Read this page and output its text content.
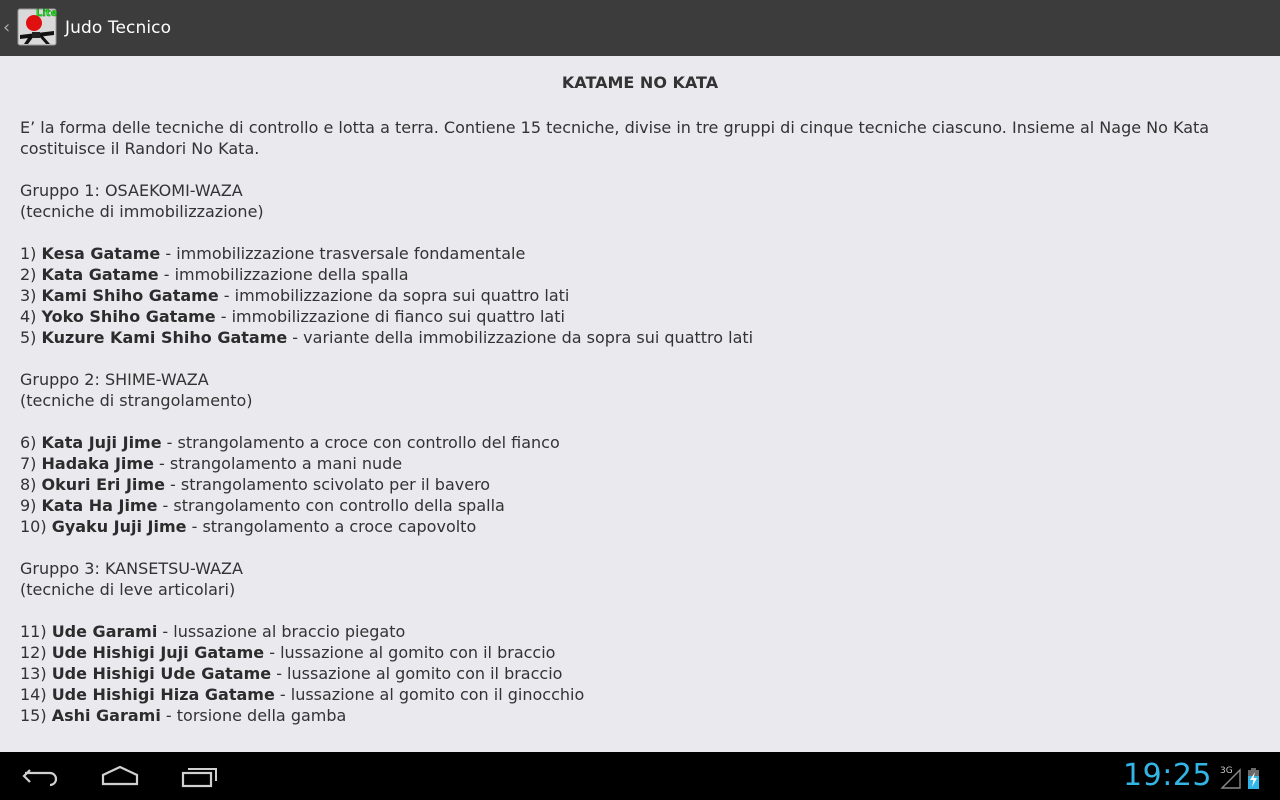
‹
Lite
Judo Tecnico
KATAME NO KATA

E’ la forma delle tecniche di controllo e lotta a terra. Contiene 15 tecniche, divise in tre gruppi di cinque tecniche ciascuno. Insieme al Nage No Kata costituisce il Randori No Kata.

Gruppo 1: OSAEKOMI-WAZA
(tecniche di immobilizzazione)
1) Kesa Gatame - immobilizzazione trasversale fondamentale
2) Kata Gatame - immobilizzazione della spalla
3) Kami Shiho Gatame - immobilizzazione da sopra sui quattro lati
4) Yoko Shiho Gatame - immobilizzazione di fianco sui quattro lati
5) Kuzure Kami Shiho Gatame - variante della immobilizzazione da sopra sui quattro lati
Gruppo 2: SHIME-WAZA
(tecniche di strangolamento)
6) Kata Juji Jime - strangolamento a croce con controllo del fianco
7) Hadaka Jime - strangolamento a mani nude
8) Okuri Eri Jime - strangolamento scivolato per il bavero
9) Kata Ha Jime - strangolamento con controllo della spalla
10) Gyaku Juji Jime - strangolamento a croce capovolto
Gruppo 3: KANSETSU-WAZA
(tecniche di leve articolari)
11) Ude Garami - lussazione al braccio piegato
12) Ude Hishigi Juji Gatame - lussazione al gomito con il braccio
13) Ude Hishigi Ude Gatame - lussazione al gomito con il braccio
14) Ude Hishigi Hiza Gatame - lussazione al gomito con il ginocchio
15) Ashi Garami - torsione della gamba
19:25 3G
